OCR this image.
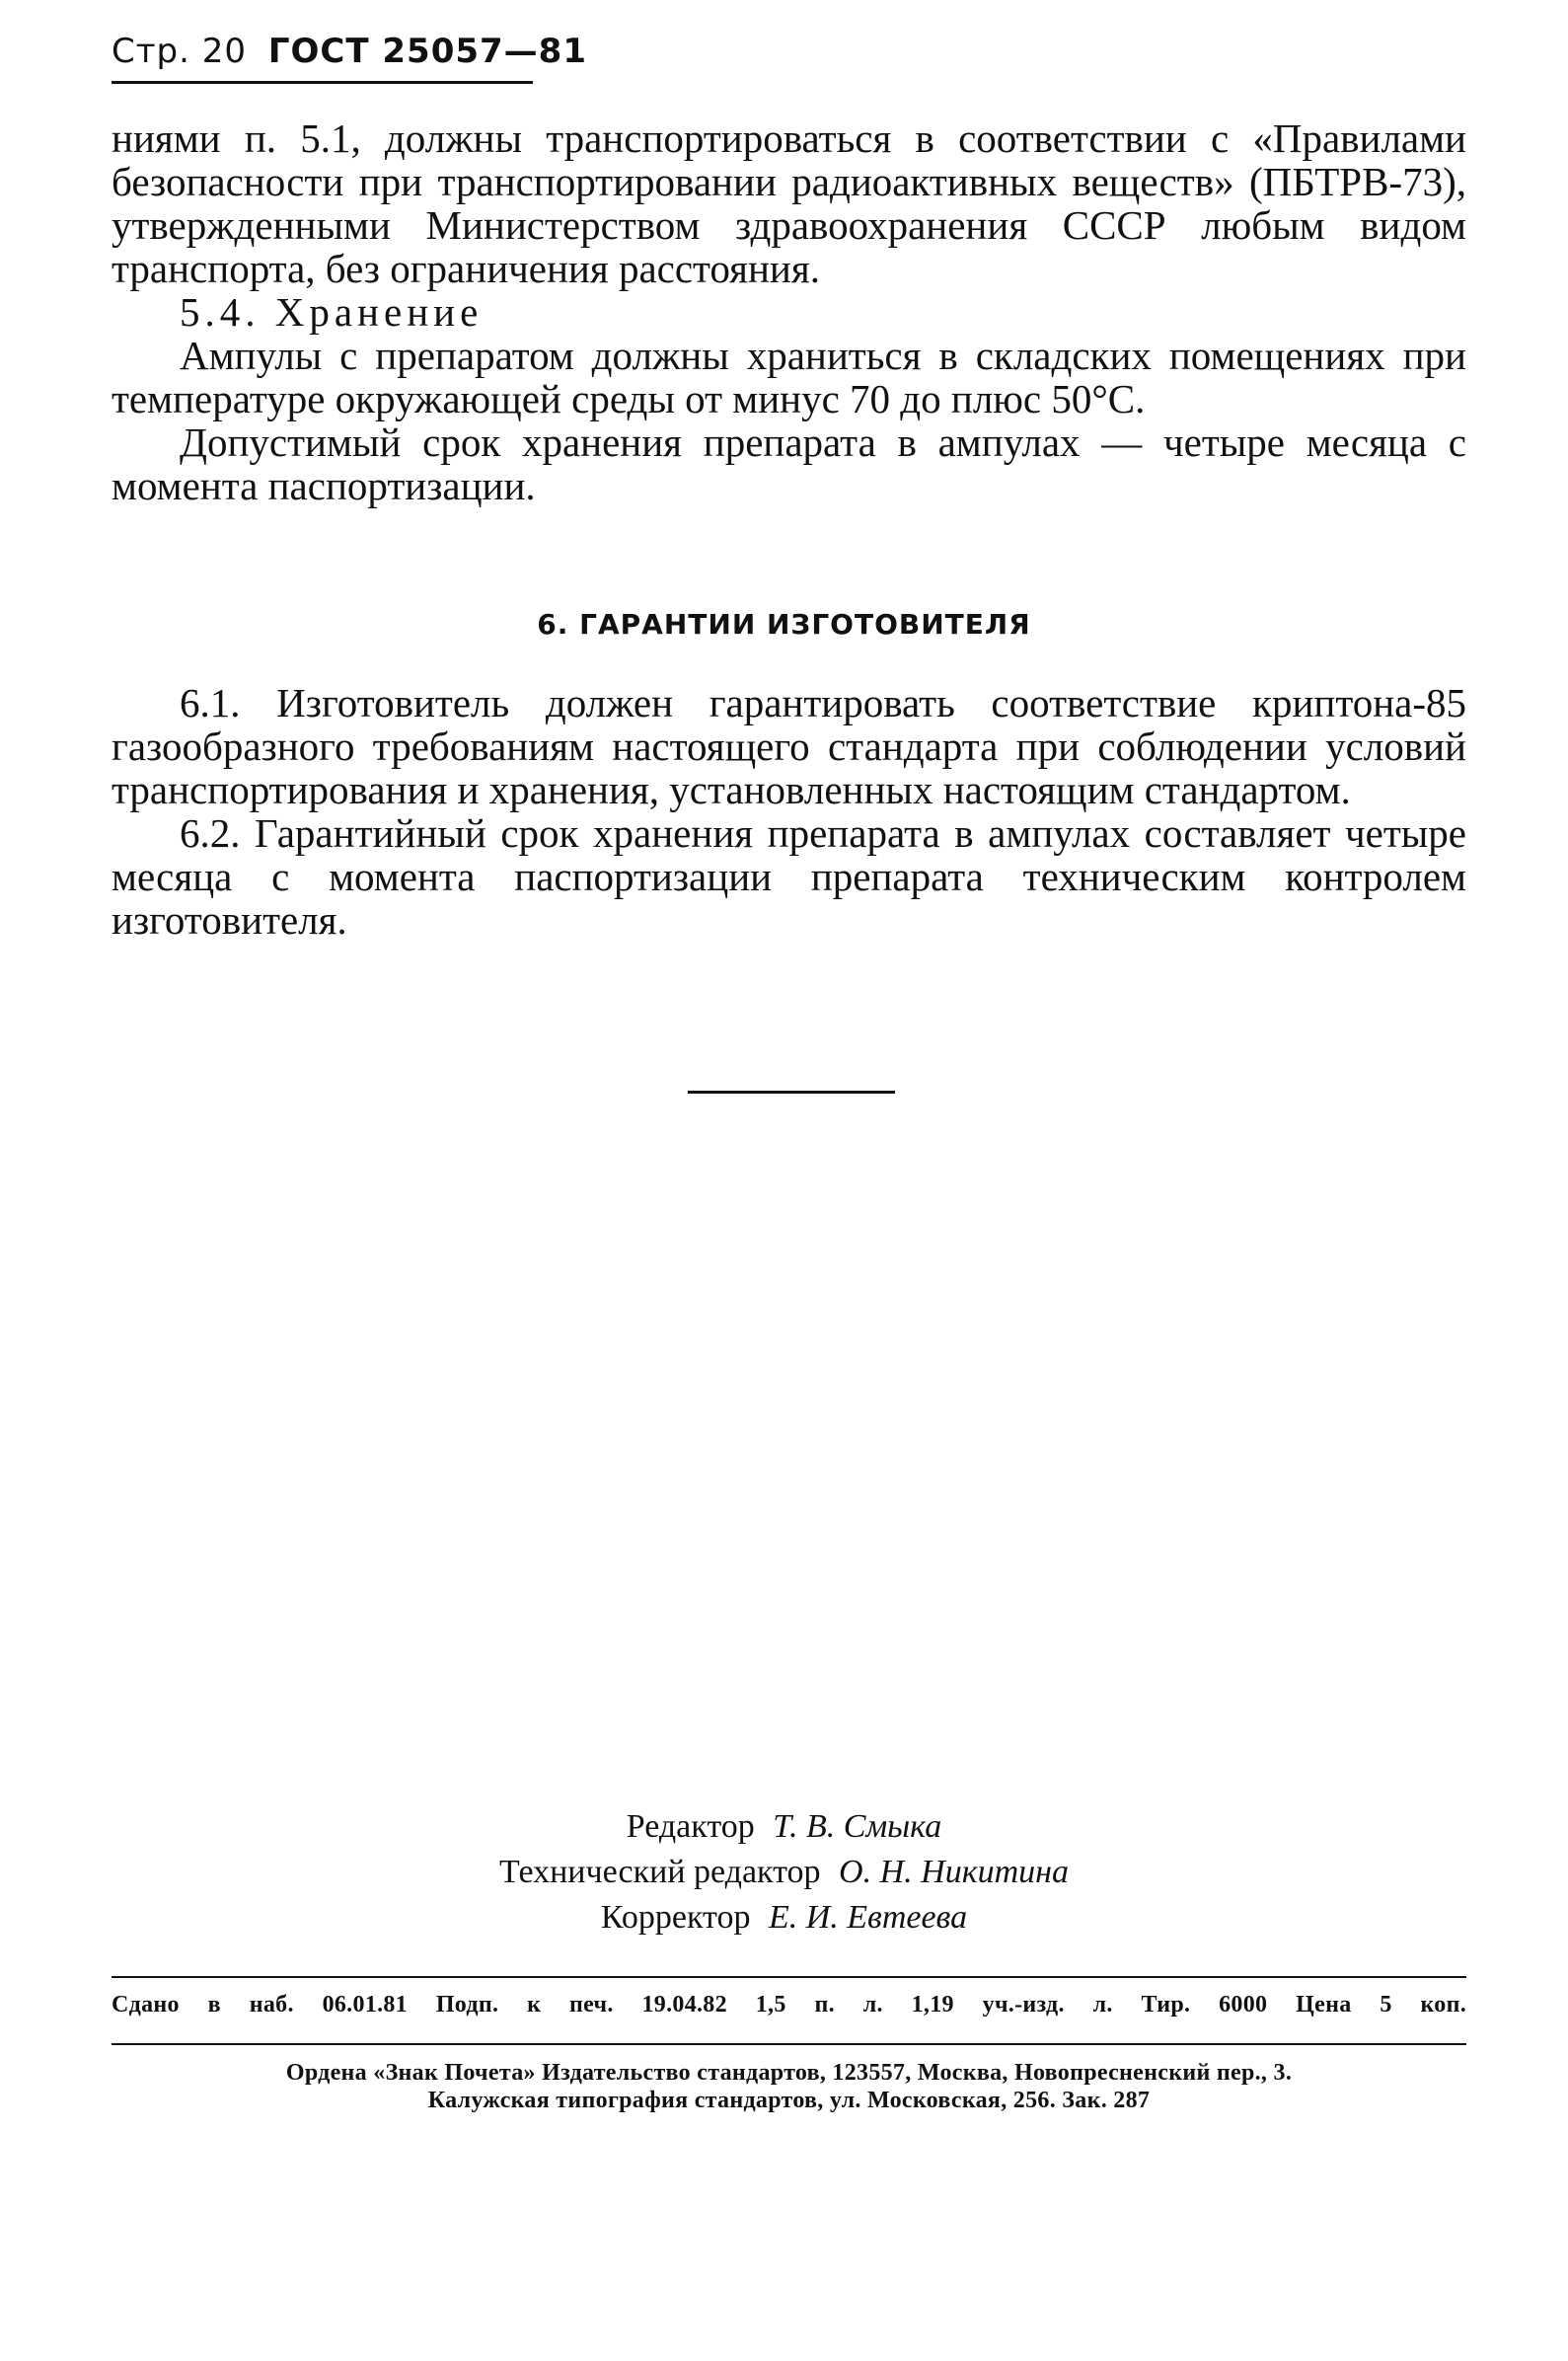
Стр. 20 ГОСТ 25057—81

ниями п. 5.1, должны транспортироваться в соответствии с «Правилами безопасности при транспортировании радиоактивных веществ» (ПБТРВ-73), утвержденными Министерством здравоохранения СССР любым видом транспорта, без ограничения расстояния.

5.4. Хранение

Ампулы с препаратом должны храниться в складских помещениях при температуре окружающей среды от минус 70 до плюс 50°С.

Допустимый срок хранения препарата в ампулах — четыре месяца с момента паспортизации.

6. ГАРАНТИИ ИЗГОТОВИТЕЛЯ

6.1. Изготовитель должен гарантировать соответствие криптона-85 газообразного требованиям настоящего стандарта при соблюдении условий транспортирования и хранения, установленных настоящим стандартом.

6.2. Гарантийный срок хранения препарата в ампулах составляет четыре месяца с момента паспортизации препарата техническим контролем изготовителя.

Редактор Т. В. Смыка
Технический редактор О. Н. Никитина
Корректор Е. И. Евтеева
Сдано в наб. 06.01.81 Подп. к печ. 19.04.82 1,5 п. л. 1,19 уч.-изд. л. Тир. 6000 Цена 5 коп.
Ордена «Знак Почета» Издательство стандартов, 123557, Москва, Новопресненский пер., 3.
Калужская типография стандартов, ул. Московская, 256. Зак. 287
